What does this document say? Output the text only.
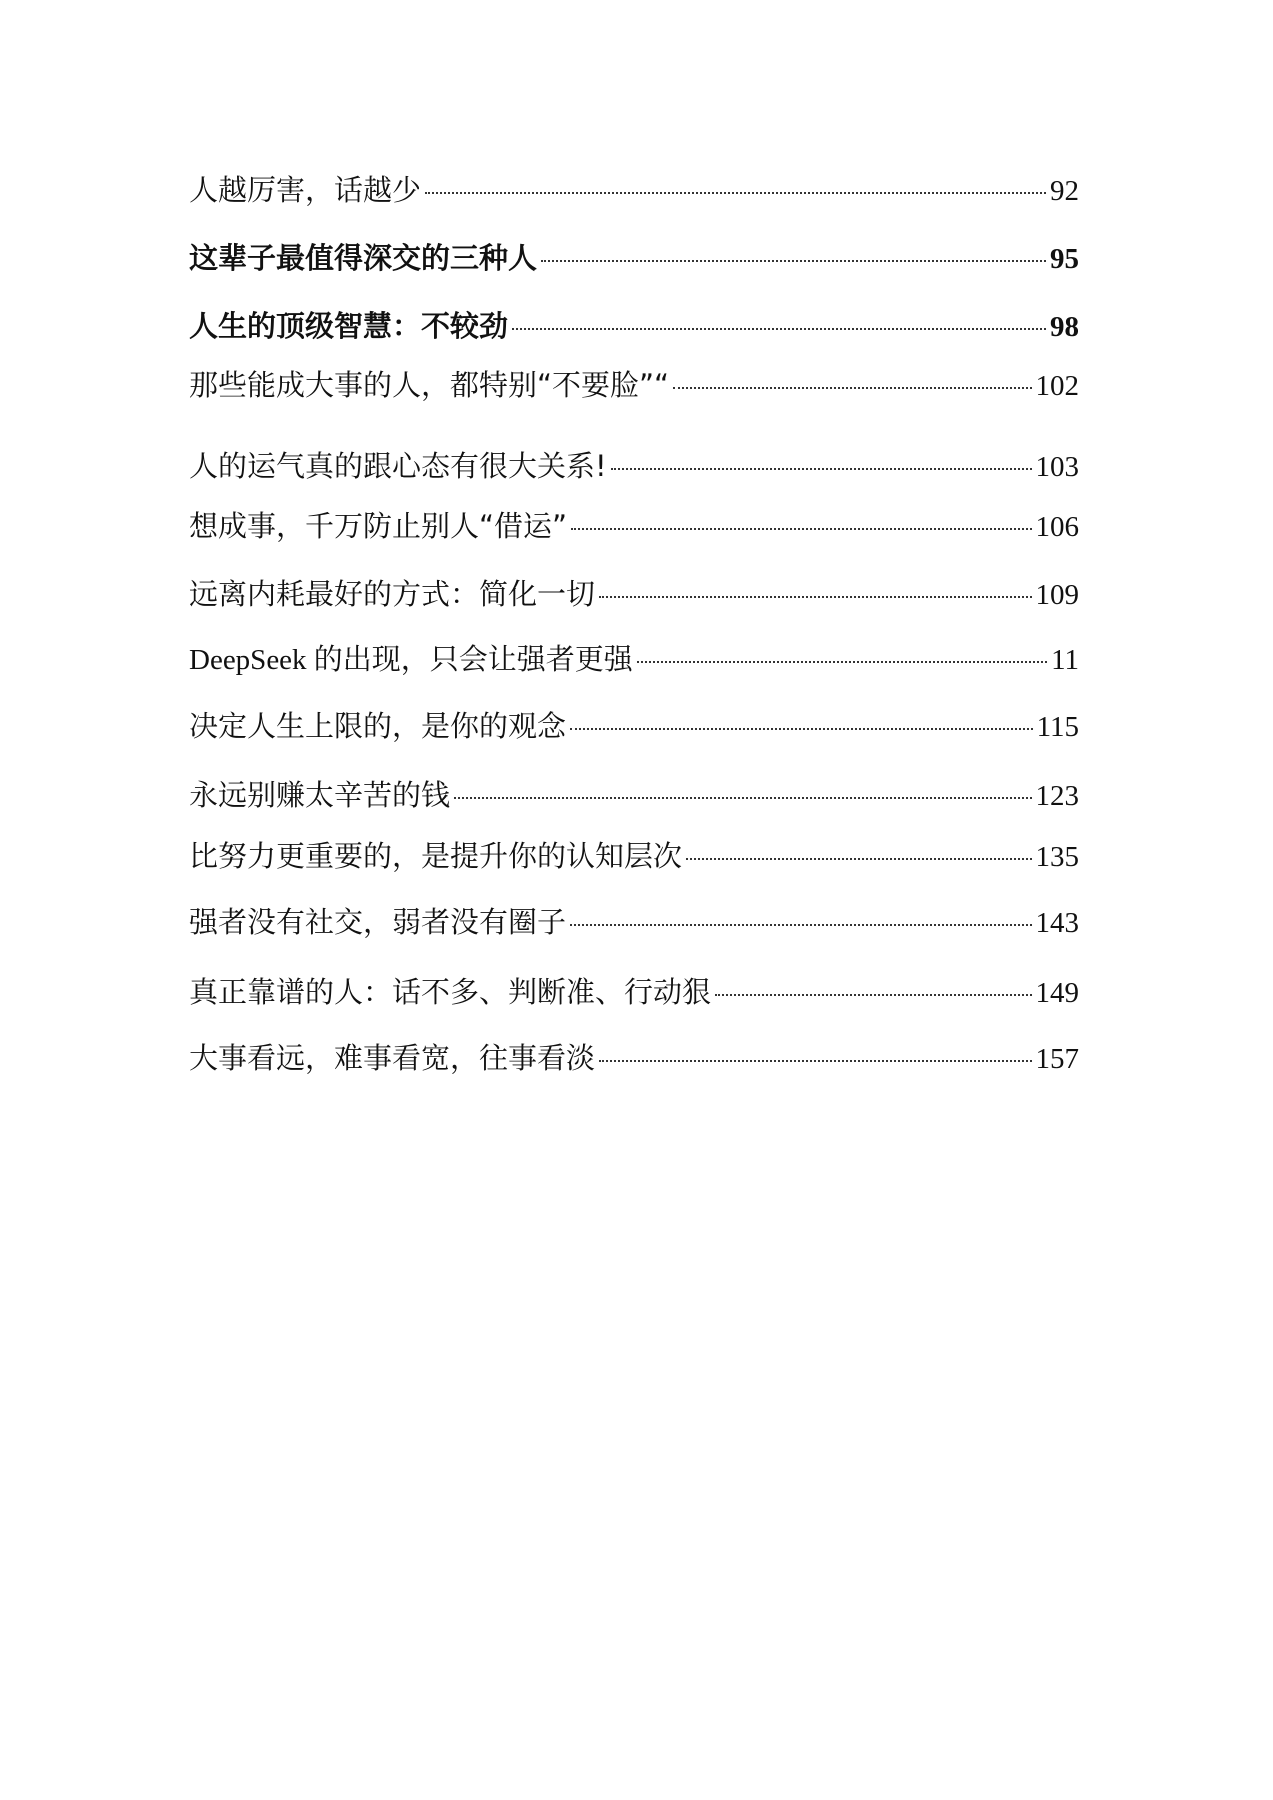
人越厉害，话越少	92
这辈子最值得深交的三种人	95
人生的顶级智慧：不较劲	98
那些能成大事的人，都特别“不要脸”“	102
人的运气真的跟心态有很大关系!	103
想成事，千万防止别人“借运”	106
远离内耗最好的方式：简化一切	109
DeepSeek 的出现，只会让强者更强	11
决定人生上限的，是你的观念	115
永远别赚太辛苦的钱	123
比努力更重要的，是提升你的认知层次	135
强者没有社交，弱者没有圈子	143
真正靠谱的人：话不多、判断准、行动狠	149
大事看远，难事看宽，往事看淡	157
